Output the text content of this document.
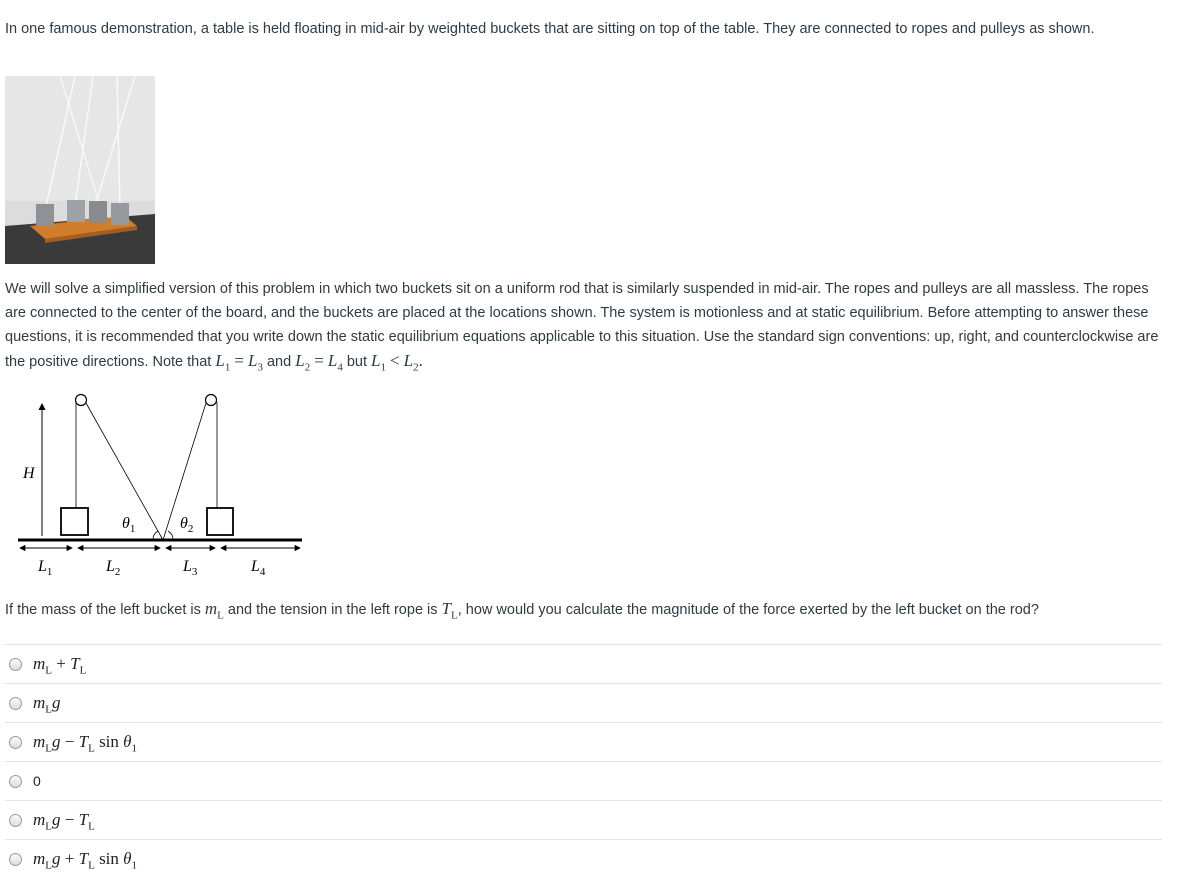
In one famous demonstration, a table is held floating in mid-air by weighted buckets that are sitting on top of the table. They are connected to ropes and pulleys as shown.
We will solve a simplified version of this problem in which two buckets sit on a uniform rod that is similarly suspended in mid-air. The ropes and pulleys are all massless. The ropes are connected to the center of the board, and the buckets are placed at the locations shown. The system is motionless and at static equilibrium. Before attempting to answer these questions, it is recommended that you write down the static equilibrium equations applicable to this situation. Use the standard sign conventions: up, right, and counterclockwise are the positive directions. Note that $L_1 = L_3$ and $L_2 = L_4$ but $L_1 < L_2$.
H
$\theta_1$	$\theta_2$
$L_1$	$L_2$	$L_3$	$L_4$
If the mass of the left bucket is $m_L$ and the tension in the left rope is $T_L$, how would you calculate the magnitude of the force exerted by the left bucket on the rod?
$m_L + T_L$
$m_Lg$
$m_Lg - T_L$ $\sin \theta_1$
0
$m_Lg - T_L$
$m_Lg + T_L$ $\sin \theta_1$
